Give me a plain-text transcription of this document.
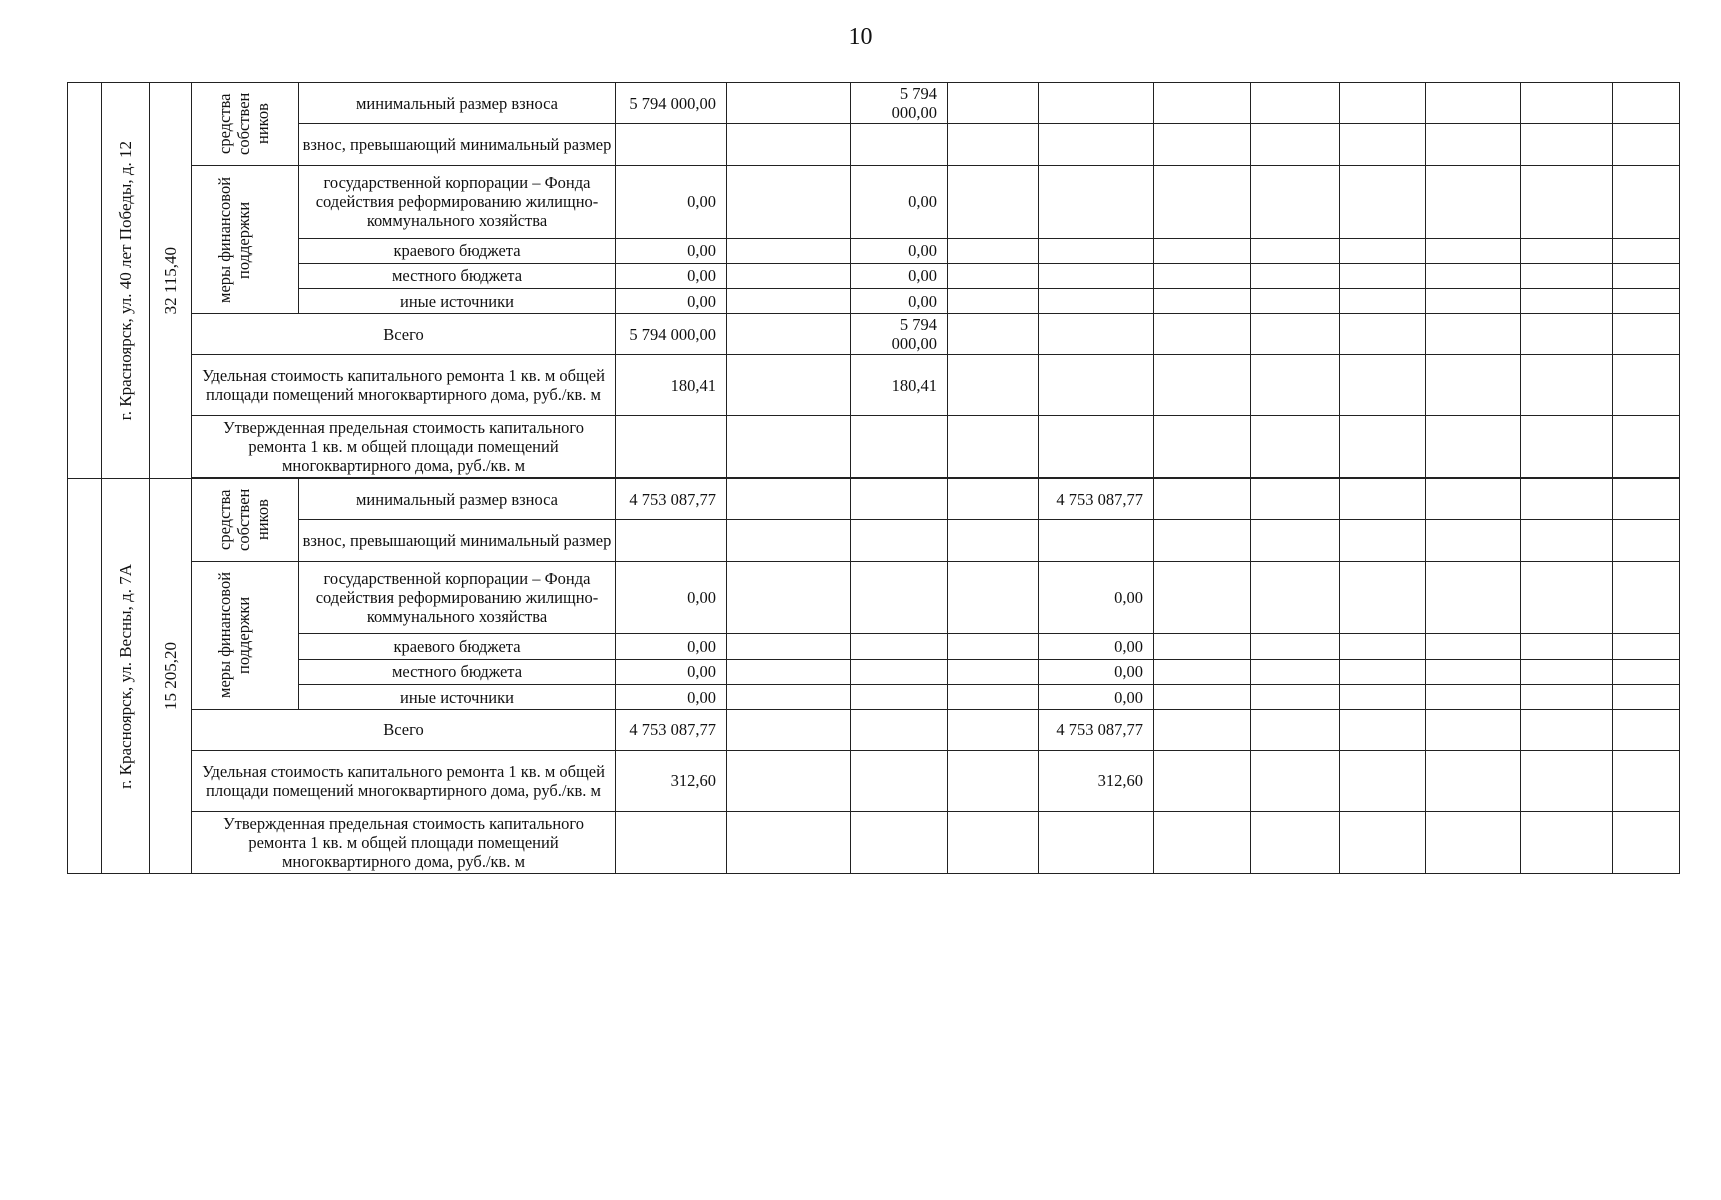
10

	г. Красноярск, ул. 40 лет Победы, д. 12	32 115,40	средства собствен ников	минимальный размер взноса	5 794 000,00		5 794 000,00								
				взнос, превышающий минимальный размер											

			меры финансовой поддержки	государственной корпорации – Фонда содействия реформированию жилищно-коммунального хозяйства	0,00		0,00								
				краевого бюджета	0,00		0,00								
				местного бюджета	0,00		0,00								
				иные источники	0,00		0,00								
			Всего		5 794 000,00		5 794 000,00								
			Удельная стоимость капитального ремонта 1 кв. м общей площади помещений многоквартирного дома, руб./кв. м		180,41		180,41								
			Утвержденная предельная стоимость капитального ремонта 1 кв. м общей площади помещений многоквартирного дома, руб./кв. м												

	г. Красноярск, ул. Весны, д. 7А	15 205,20	средства собствен ников	минимальный размер взноса	4 753 087,77				4 753 087,77						
				взнос, превышающий минимальный размер											

			меры финансовой поддержки	государственной корпорации – Фонда содействия реформированию жилищно-коммунального хозяйства	0,00				0,00						
				краевого бюджета	0,00				0,00						
				местного бюджета	0,00				0,00						
				иные источники	0,00				0,00						
			Всего		4 753 087,77				4 753 087,77						
			Удельная стоимость капитального ремонта 1 кв. м общей площади помещений многоквартирного дома, руб./кв. м		312,60				312,60						
			Утвержденная предельная стоимость капитального ремонта 1 кв. м общей площади помещений многоквартирного дома, руб./кв. м												
